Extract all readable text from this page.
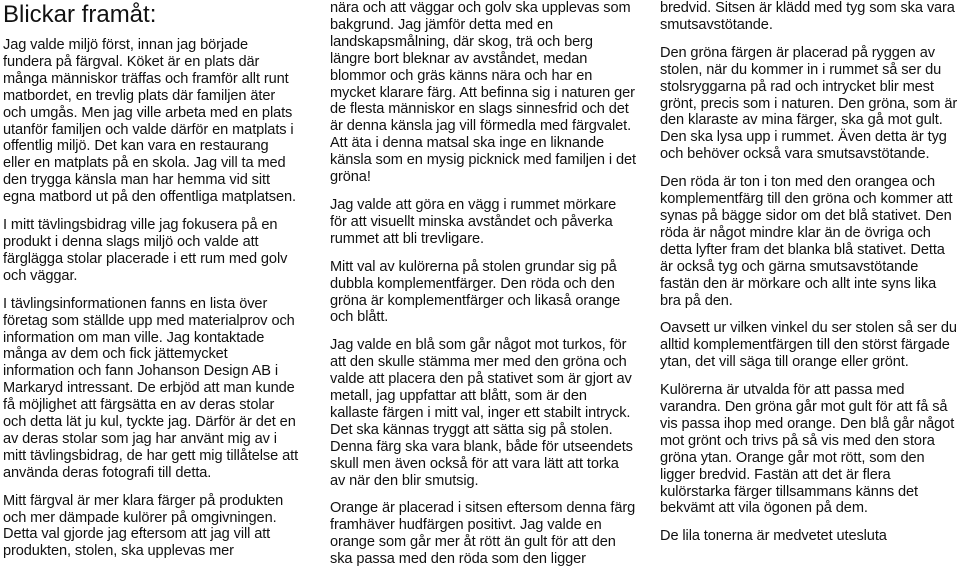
Blickar framåt:

Jag valde miljö först, innan jag började fundera på färgval. Köket är en plats där många människor träffas och framför allt runt matbordet, en trevlig plats där familjen äter och umgås. Men jag ville arbeta med en plats utanför familjen och valde därför en matplats i offentlig miljö. Det kan vara en restaurang eller en matplats på en skola. Jag vill ta med den trygga känsla man har hemma vid sitt egna matbord ut på den offentliga matplatsen.

I mitt tävlingsbidrag ville jag fokusera på en produkt i denna slags miljö och valde att färglägga stolar placerade i ett rum med golv och väggar.

I tävlingsinformationen fanns en lista över företag som ställde upp med materialprov och information om man ville. Jag kontaktade många av dem och fick jättemycket information och fann Johanson Design AB i Markaryd intressant. De erbjöd att man kunde få möjlighet att färgsätta en av deras stolar och detta lät ju kul, tyckte jag. Därför är det en av deras stolar som jag har använt mig av i mitt tävlingsbidrag, de har gett mig tillåtelse att använda deras fotografi till detta.

Mitt färgval är mer klara färger på produkten och mer dämpade kulörer på omgivningen. Detta val gjorde jag eftersom att jag vill att produkten, stolen, ska upplevas mer

nära och att väggar och golv ska upplevas som bakgrund. Jag jämför detta med en landskapsmålning, där skog, trä och berg längre bort bleknar av avståndet, medan blommor och gräs känns nära och har en mycket klarare färg. Att befinna sig i naturen ger de flesta människor en slags sinnesfrid och det är denna känsla jag vill förmedla med färgvalet. Att äta i denna matsal ska inge en liknande känsla som en mysig picknick med familjen i det gröna!

Jag valde att göra en vägg i rummet mörkare för att visuellt minska avståndet och påverka rummet att bli trevligare.

Mitt val av kulörerna på stolen grundar sig på dubbla komplementfärger. Den röda och den gröna är komplementfärger och likaså orange och blått.

Jag valde en blå som går något mot turkos, för att den skulle stämma mer med den gröna och valde att placera den på stativet som är gjort av metall, jag uppfattar att blått, som är den kallaste färgen i mitt val, inger ett stabilt intryck. Det ska kännas tryggt att sätta sig på stolen. Denna färg ska vara blank, både för utseendets skull men även också för att vara lätt att torka av när den blir smutsig.

Orange är placerad i sitsen eftersom denna färg framhäver hudfärgen positivt. Jag valde en orange som går mer åt rött än gult för att den ska passa med den röda som den ligger

bredvid. Sitsen är klädd med tyg som ska vara smutsavstötande.

Den gröna färgen är placerad på ryggen av stolen, när du kommer in i rummet så ser du stolsryggarna på rad och intrycket blir mest grönt, precis som i naturen. Den gröna, som är den klaraste av mina färger, ska gå mot gult. Den ska lysa upp i rummet. Även detta är tyg och behöver också vara smutsavstötande.

Den röda är ton i ton med den orangea och komplementfärg till den gröna och kommer att synas på bägge sidor om det blå stativet. Den röda är något mindre klar än de övriga och detta lyfter fram det blanka blå stativet. Detta är också tyg och gärna smutsavstötande fastän den är mörkare och allt inte syns lika bra på den.

Oavsett ur vilken vinkel du ser stolen så ser du alltid komplementfärgen till den störst färgade ytan, det vill säga till orange eller grönt.

Kulörerna är utvalda för att passa med varandra. Den gröna går mot gult för att få så vis passa ihop med orange. Den blå går något mot grönt och trivs på så vis med den stora gröna ytan. Orange går mot rött, som den ligger bredvid. Fastän att det är flera kulörstarka färger tillsammans känns det bekvämt att vila ögonen på dem.

De lila tonerna är medvetet utesluta
